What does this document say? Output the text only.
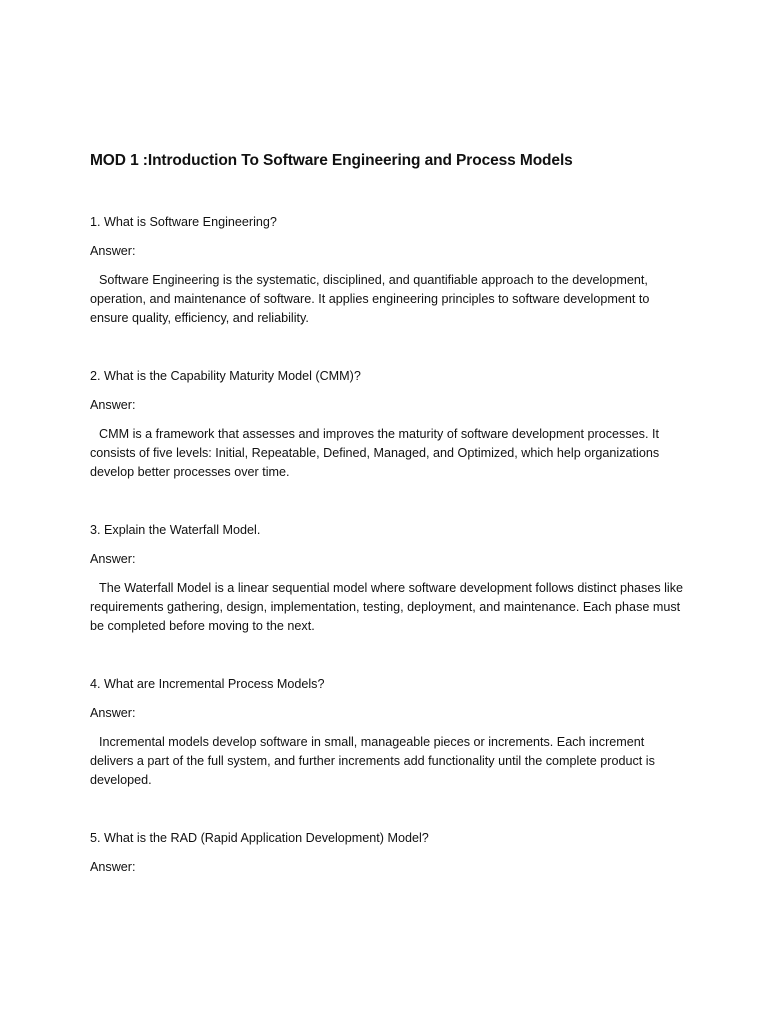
MOD 1 :Introduction To Software Engineering and Process Models
1. What is Software Engineering?
Answer:
Software Engineering is the systematic, disciplined, and quantifiable approach to the development, operation, and maintenance of software. It applies engineering principles to software development to ensure quality, efficiency, and reliability.
2. What is the Capability Maturity Model (CMM)?
Answer:
CMM is a framework that assesses and improves the maturity of software development processes. It consists of five levels: Initial, Repeatable, Defined, Managed, and Optimized, which help organizations develop better processes over time.
3. Explain the Waterfall Model.
Answer:
The Waterfall Model is a linear sequential model where software development follows distinct phases like requirements gathering, design, implementation, testing, deployment, and maintenance. Each phase must be completed before moving to the next.
4. What are Incremental Process Models?
Answer:
Incremental models develop software in small, manageable pieces or increments. Each increment delivers a part of the full system, and further increments add functionality until the complete product is developed.
5. What is the RAD (Rapid Application Development) Model?
Answer:
